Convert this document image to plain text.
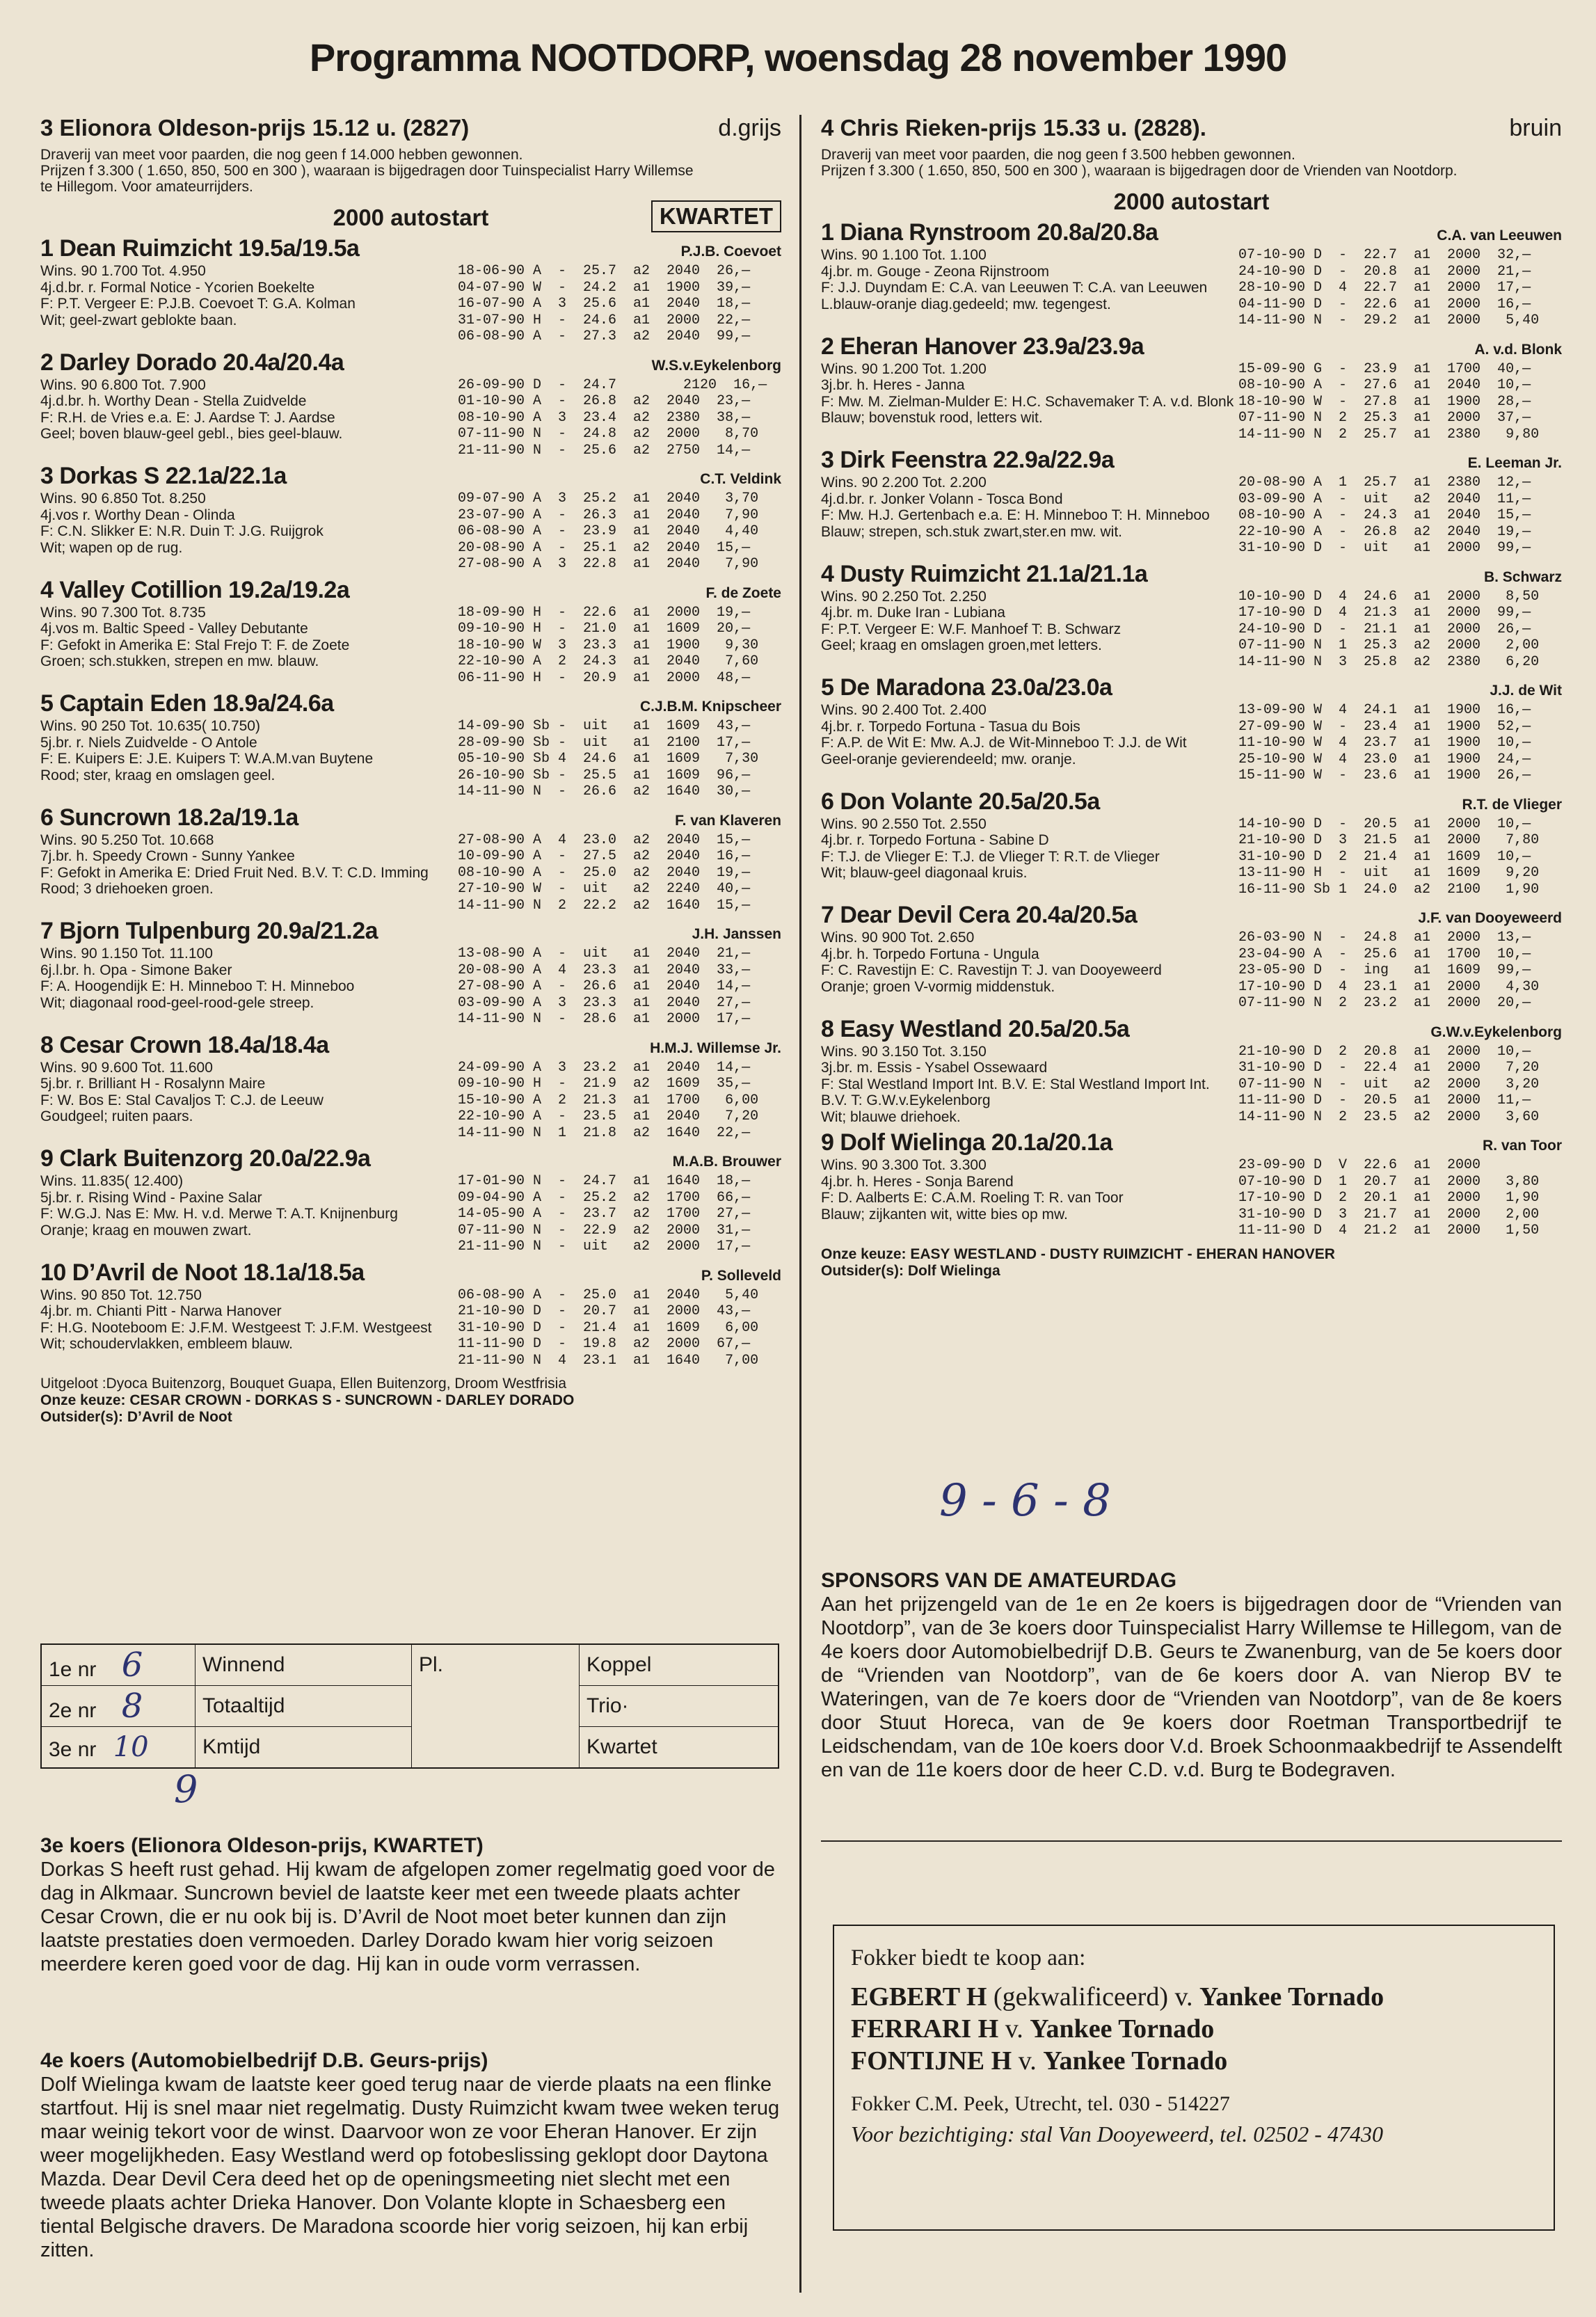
Programma NOOTDORP, woensdag 28 november 1990
3 Elionora Oldeson-prijs 15.12 u. (2827)	d.grijs
Draverij van meet voor paarden, die nog geen f 14.000 hebben gewonnen.
Prijzen f 3.300 ( 1.650, 850, 500 en 300 ), waaraan is bijgedragen door Tuinspecialist Harry Willemse te Hillegom. Voor amateurrijders.
2000 autostart	KWARTET
1 Dean Ruimzicht 19.5a/19.5a	P.J.B. Coevoet
Wins. 90 1.700 Tot. 4.950
4j.d.br. r. Formal Notice - Ycorien Boekelte
F: P.T. Vergeer E: P.J.B. Coevoet T: G.A. Kolman
Wit; geel-zwart geblokte baan.
18-06-90 A  -  25.7  a2  2040  26,—
04-07-90 W  -  24.2  a1  1900  39,—
16-07-90 A  3  25.6  a1  2040  18,—
31-07-90 H  -  24.6  a1  2000  22,—
06-08-90 A  -  27.3  a2  2040  99,—
2 Darley Dorado 20.4a/20.4a	W.S.v.Eykelenborg
Wins. 90 6.800 Tot. 7.900
4j.d.br. h. Worthy Dean - Stella Zuidvelde
F: R.H. de Vries e.a. E: J. Aardse T: J. Aardse
Geel; boven blauw-geel gebl., bies geel-blauw.
26-09-90 D  -  24.7        2120  16,—
01-10-90 A  -  26.8  a2  2040  23,—
08-10-90 A  3  23.4  a2  2380  38,—
07-11-90 N  -  24.8  a2  2000   8,70
21-11-90 N  -  25.6  a2  2750  14,—
3 Dorkas S 22.1a/22.1a	C.T. Veldink
Wins. 90 6.850 Tot. 8.250
4j.vos r. Worthy Dean - Olinda
F: C.N. Slikker E: N.R. Duin T: J.G. Ruijgrok
Wit; wapen op de rug.
09-07-90 A  3  25.2  a1  2040   3,70
23-07-90 A  -  26.3  a1  2040   7,90
06-08-90 A  -  23.9  a1  2040   4,40
20-08-90 A  -  25.1  a2  2040  15,—
27-08-90 A  3  22.8  a1  2040   7,90
4 Valley Cotillion 19.2a/19.2a	F. de Zoete
Wins. 90 7.300 Tot. 8.735
4j.vos m. Baltic Speed - Valley Debutante
F: Gefokt in Amerika E: Stal Frejo T: F. de Zoete
Groen; sch.stukken, strepen en mw. blauw.
18-09-90 H  -  22.6  a1  2000  19,—
09-10-90 H  -  21.0  a1  1609  20,—
18-10-90 W  3  23.3  a1  1900   9,30
22-10-90 A  2  24.3  a1  2040   7,60
06-11-90 H  -  20.9  a1  2000  48,—
5 Captain Eden 18.9a/24.6a	C.J.B.M. Knipscheer
Wins. 90 250 Tot. 10.635( 10.750)
5j.br. r. Niels Zuidvelde - O Antole
F: E. Kuipers E: J.E. Kuipers T: W.A.M.van Buytene
Rood; ster, kraag en omslagen geel.
14-09-90 Sb -  uit   a1  1609  43,—
28-09-90 Sb -  uit   a1  2100  17,—
05-10-90 Sb 4  24.6  a1  1609   7,30
26-10-90 Sb -  25.5  a1  1609  96,—
14-11-90 N  -  26.6  a2  1640  30,—
6 Suncrown 18.2a/19.1a	F. van Klaveren
Wins. 90 5.250 Tot. 10.668
7j.br. h. Speedy Crown - Sunny Yankee
F: Gefokt in Amerika E: Dried Fruit Ned. B.V. T: C.D. Imming
Rood; 3 driehoeken groen.
27-08-90 A  4  23.0  a2  2040  15,—
10-09-90 A  -  27.5  a2  2040  16,—
08-10-90 A  -  25.0  a2  2040  19,—
27-10-90 W  -  uit   a2  2240  40,—
14-11-90 N  2  22.2  a2  1640  15,—
7 Bjorn Tulpenburg 20.9a/21.2a	J.H. Janssen
Wins. 90 1.150 Tot. 11.100
6j.l.br. h. Opa - Simone Baker
F: A. Hoogendijk E: H. Minneboo T: H. Minneboo
Wit; diagonaal rood-geel-rood-gele streep.
13-08-90 A  -  uit   a1  2040  21,—
20-08-90 A  4  23.3  a1  2040  33,—
27-08-90 A  -  26.6  a1  2040  14,—
03-09-90 A  3  23.3  a1  2040  27,—
14-11-90 N  -  28.6  a1  2000  17,—
8 Cesar Crown 18.4a/18.4a	H.M.J. Willemse Jr.
Wins. 90 9.600 Tot. 11.600
5j.br. r. Brilliant H - Rosalynn Maire
F: W. Bos E: Stal Cavaljos T: C.J. de Leeuw
Goudgeel; ruiten paars.
24-09-90 A  3  23.2  a1  2040  14,—
09-10-90 H  -  21.9  a2  1609  35,—
15-10-90 A  2  21.3  a1  1700   6,00
22-10-90 A  -  23.5  a1  2040   7,20
14-11-90 N  1  21.8  a2  1640  22,—
9 Clark Buitenzorg 20.0a/22.9a	M.A.B. Brouwer
Wins. 11.835( 12.400)
5j.br. r. Rising Wind - Paxine Salar
F: W.G.J. Nas E: Mw. H. v.d. Merwe T: A.T. Knijnenburg
Oranje; kraag en mouwen zwart.
17-01-90 N  -  24.7  a1  1640  18,—
09-04-90 A  -  25.2  a2  1700  66,—
14-05-90 A  -  23.7  a2  1700  27,—
07-11-90 N  -  22.9  a2  2000  31,—
21-11-90 N  -  uit   a2  2000  17,—
10 D’Avril de Noot 18.1a/18.5a	P. Solleveld
Wins. 90 850 Tot. 12.750
4j.br. m. Chianti Pitt - Narwa Hanover
F: H.G. Nooteboom E: J.F.M. Westgeest T: J.F.M. Westgeest
Wit; schoudervlakken, embleem blauw.
06-08-90 A  -  25.0  a1  2040   5,40
21-10-90 D  -  20.7  a1  2000  43,—
31-10-90 D  -  21.4  a1  1609   6,00
11-11-90 D  -  19.8  a2  2000  67,—
21-11-90 N  4  23.1  a1  1640   7,00
Uitgeloot :Dyoca Buitenzorg, Bouquet Guapa, Ellen Buitenzorg, Droom Westfrisia
Onze keuze: CESAR CROWN - DORKAS S - SUNCROWN - DARLEY DORADO
Outsider(s): D’Avril de Noot
4 Chris Rieken-prijs 15.33 u. (2828).	bruin
Draverij van meet voor paarden, die nog geen f 3.500 hebben gewonnen.
Prijzen f 3.300 ( 1.650, 850, 500 en 300 ), waaraan is bijgedragen door de Vrienden van Nootdorp.
2000 autostart
1 Diana Rynstroom 20.8a/20.8a	C.A. van Leeuwen
Wins. 90 1.100 Tot. 1.100
4j.br. m. Gouge - Zeona Rijnstroom
F: J.J. Duyndam E: C.A. van Leeuwen T: C.A. van Leeuwen
L.blauw-oranje diag.gedeeld; mw. tegengest.
07-10-90 D  -  22.7  a1  2000  32,—
24-10-90 D  -  20.8  a1  2000  21,—
28-10-90 D  4  22.7  a1  2000  17,—
04-11-90 D  -  22.6  a1  2000  16,—
14-11-90 N  -  29.2  a1  2000   5,40
2 Eheran Hanover 23.9a/23.9a	A. v.d. Blonk
Wins. 90 1.200 Tot. 1.200
3j.br. h. Heres - Janna
F: Mw. M. Zielman-Mulder E: H.C. Schavemaker T: A. v.d. Blonk
Blauw; bovenstuk rood, letters wit.
15-09-90 G  -  23.9  a1  1700  40,—
08-10-90 A  -  27.6  a1  2040  10,—
18-10-90 W  -  27.8  a1  1900  28,—
07-11-90 N  2  25.3  a1  2000  37,—
14-11-90 N  2  25.7  a1  2380   9,80
3 Dirk Feenstra 22.9a/22.9a	E. Leeman Jr.
Wins. 90 2.200 Tot. 2.200
4j.d.br. r. Jonker Volann - Tosca Bond
F: Mw. H.J. Gertenbach e.a. E: H. Minneboo T: H. Minneboo
Blauw; strepen, sch.stuk zwart,ster.en mw. wit.
20-08-90 A  1  25.7  a1  2380  12,—
03-09-90 A  -  uit   a2  2040  11,—
08-10-90 A  -  24.3  a1  2040  15,—
22-10-90 A  -  26.8  a2  2040  19,—
31-10-90 D  -  uit   a1  2000  99,—
4 Dusty Ruimzicht 21.1a/21.1a	B. Schwarz
Wins. 90 2.250 Tot. 2.250
4j.br. m. Duke Iran - Lubiana
F: P.T. Vergeer E: W.F. Manhoef T: B. Schwarz
Geel; kraag en omslagen groen,met letters.
10-10-90 D  4  24.6  a1  2000   8,50
17-10-90 D  4  21.3  a1  2000  99,—
24-10-90 D  -  21.1  a1  2000  26,—
07-11-90 N  1  25.3  a2  2000   2,00
14-11-90 N  3  25.8  a2  2380   6,20
5 De Maradona 23.0a/23.0a	J.J. de Wit
Wins. 90 2.400 Tot. 2.400
4j.br. r. Torpedo Fortuna - Tasua du Bois
F: A.P. de Wit E: Mw. A.J. de Wit-Minneboo T: J.J. de Wit
Geel-oranje gevierendeeld; mw. oranje.
13-09-90 W  4  24.1  a1  1900  16,—
27-09-90 W  -  23.4  a1  1900  52,—
11-10-90 W  4  23.7  a1  1900  10,—
25-10-90 W  4  23.0  a1  1900  24,—
15-11-90 W  -  23.6  a1  1900  26,—
6 Don Volante 20.5a/20.5a	R.T. de Vlieger
Wins. 90 2.550 Tot. 2.550
4j.br. r. Torpedo Fortuna - Sabine D
F: T.J. de Vlieger E: T.J. de Vlieger T: R.T. de Vlieger
Wit; blauw-geel diagonaal kruis.
14-10-90 D  -  20.5  a1  2000  10,—
21-10-90 D  3  21.5  a1  2000   7,80
31-10-90 D  2  21.4  a1  1609  10,—
13-11-90 H  -  uit   a1  1609   9,20
16-11-90 Sb 1  24.0  a2  2100   1,90
7 Dear Devil Cera 20.4a/20.5a	J.F. van Dooyeweerd
Wins. 90 900 Tot. 2.650
4j.br. h. Torpedo Fortuna - Ungula
F: C. Ravestijn E: C. Ravestijn T: J. van Dooyeweerd
Oranje; groen V-vormig middenstuk.
26-03-90 N  -  24.8  a1  2000  13,—
23-04-90 A  -  25.6  a1  1700  10,—
23-05-90 D  -  ing   a1  1609  99,—
17-10-90 D  4  23.1  a1  2000   4,30
07-11-90 N  2  23.2  a1  2000  20,—
8 Easy Westland 20.5a/20.5a	G.W.v.Eykelenborg
Wins. 90 3.150 Tot. 3.150
3j.br. m. Essis - Ysabel Ossewaard
F: Stal Westland Import Int. B.V. E: Stal Westland Import Int. B.V. T: G.W.v.Eykelenborg
Wit; blauwe driehoek.
21-10-90 D  2  20.8  a1  2000  10,—
31-10-90 D  -  22.4  a1  2000   7,20
07-11-90 N  -  uit   a2  2000   3,20
11-11-90 D  -  20.5  a1  2000  11,—
14-11-90 N  2  23.5  a2  2000   3,60
9 Dolf Wielinga 20.1a/20.1a	R. van Toor
Wins. 90 3.300 Tot. 3.300
4j.br. h. Heres - Sonja Barend
F: D. Aalberts E: C.A.M. Roeling T: R. van Toor
Blauw; zijkanten wit, witte bies op mw.
23-09-90 D  V  22.6  a1  2000
07-10-90 D  1  20.7  a1  2000   3,80
17-10-90 D  2  20.1  a1  2000   1,90
31-10-90 D  3  21.7  a1  2000   2,00
11-11-90 D  4  21.2  a1  2000   1,50
Onze keuze: EASY WESTLAND - DUSTY RUIMZICHT - EHERAN HANOVER
Outsider(s): Dolf Wielinga
9 - 6 - 8
1e nr 6	Winnend	Pl.	Koppel
2e nr 8	Totaaltijd		Trio·
3e nr 10	Kmtijd		Kwartet
9
3e koers (Elionora Oldeson-prijs, KWARTET)
Dorkas S heeft rust gehad. Hij kwam de afgelopen zomer regelmatig goed voor de dag in Alkmaar. Suncrown beviel de laatste keer met een tweede plaats achter Cesar Crown, die er nu ook bij is. D’Avril de Noot moet beter kunnen dan zijn laatste prestaties doen vermoeden. Darley Dorado kwam hier vorig seizoen meerdere keren goed voor de dag. Hij kan in oude vorm verrassen.
4e koers (Automobielbedrijf D.B. Geurs-prijs)
Dolf Wielinga kwam de laatste keer goed terug naar de vierde plaats na een flinke startfout. Hij is snel maar niet regelmatig. Dusty Ruimzicht kwam twee weken terug maar weinig tekort voor de winst. Daarvoor won ze voor Eheran Hanover. Er zijn weer mogelijkheden. Easy Westland werd op fotobeslissing geklopt door Daytona Mazda. Dear Devil Cera deed het op de openingsmeeting niet slecht met een tweede plaats achter Drieka Hanover. Don Volante klopte in Schaesberg een tiental Belgische dravers. De Maradona scoorde hier vorig seizoen, hij kan erbij zitten.
SPONSORS VAN DE AMATEURDAG
Aan het prijzengeld van de 1e en 2e koers is bijgedragen door de “Vrienden van Nootdorp”, van de 3e koers door Tuinspecialist Harry Willemse te Hillegom, van de 4e koers door Automobielbedrijf D.B. Geurs te Zwanenburg, van de 5e koers door de “Vrienden van Nootdorp”, van de 6e koers door A. van Nierop BV te Wateringen, van de 7e koers door de “Vrienden van Nootdorp”, van de 8e koers door Stuut Horeca, van de 9e koers door Roetman Transportbedrijf te Leidschendam, van de 10e koers door V.d. Broek Schoonmaakbedrijf te Assendelft en van de 11e koers door de heer C.D. v.d. Burg te Bodegraven.
Fokker biedt te koop aan:
EGBERT H (gekwalificeerd) v. Yankee Tornado
FERRARI H v. Yankee Tornado
FONTIJNE H v. Yankee Tornado
Fokker C.M. Peek, Utrecht, tel. 030 - 514227
Voor bezichtiging: stal Van Dooyeweerd, tel. 02502 - 47430
